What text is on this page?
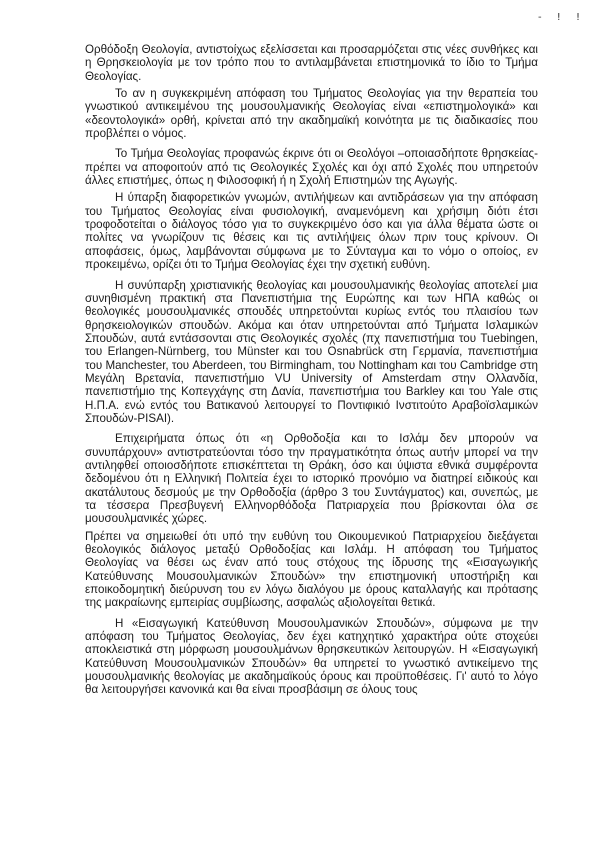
- ! !

Ορθόδοξη Θεολογία, αντιστοίχως εξελίσσεται και προσαρμόζεται στις νέες συνθήκες και η Θρησκειολογία με τον τρόπο που το αντιλαμβάνεται επιστημονικά το ίδιο το Τμήμα Θεολογίας.

Το αν η συγκεκριμένη απόφαση του Τμήματος Θεολογίας για την θεραπεία του γνωστικού αντικειμένου της μουσουλμανικής Θεολογίας είναι «επιστημολογικά» και «δεοντολογικά» ορθή, κρίνεται από την ακαδημαϊκή κοινότητα με τις διαδικασίες που προβλέπει ο νόμος.

Το Τμήμα Θεολογίας προφανώς έκρινε ότι οι Θεολόγοι –οποιασδήποτε θρησκείας- πρέπει να αποφοιτούν από τις Θεολογικές Σχολές και όχι από Σχολές που υπηρετούν άλλες επιστήμες, όπως η Φιλοσοφική ή η Σχολή Επιστημών της Αγωγής.

Η ύπαρξη διαφορετικών γνωμών, αντιλήψεων και αντιδράσεων για την απόφαση του Τμήματος Θεολογίας είναι φυσιολογική, αναμενόμενη και χρήσιμη διότι έτσι τροφοδοτείται ο διάλογος τόσο για το συγκεκριμένο όσο και για άλλα θέματα ώστε οι πολίτες να γνωρίζουν τις θέσεις και τις αντιλήψεις όλων πριν τους κρίνουν. Οι αποφάσεις, όμως, λαμβάνονται σύμφωνα με το Σύνταγμα και το νόμο ο οποίος, εν προκειμένω, ορίζει ότι το Τμήμα Θεολογίας έχει την σχετική ευθύνη.

Η συνύπαρξη χριστιανικής θεολογίας και μουσουλμανικής θεολογίας αποτελεί μια συνηθισμένη πρακτική στα Πανεπιστήμια της Ευρώπης και των ΗΠΑ καθώς οι θεολογικές μουσουλμανικές σπουδές υπηρετούνται κυρίως εντός του πλαισίου των θρησκειολογικών σπουδών. Ακόμα και όταν υπηρετούνται από Τμήματα Ισλαμικών Σπουδών, αυτά εντάσσονται στις Θεολογικές σχολές (πχ πανεπιστήμια του Tuebingen, του Erlangen-Nürnberg, του Münster και του Osnabrück στη Γερμανία, πανεπιστήμια του Manchester, του Aberdeen, του Birmingham, του Nottingham και του Cambridge στη Μεγάλη Βρετανία, πανεπιστήμιο VU University of Amsterdam στην Ολλανδία, πανεπιστήμιο της Κοπεγχάγης στη Δανία, πανεπιστήμια του Barkley και του Yale στις Η.Π.Α. ενώ εντός του Βατικανού λειτουργεί το Ποντιφικιό Ινστιτούτο Αραβοϊσλαμικών Σπουδών-PISAI).

Επιχειρήματα όπως ότι «η Ορθοδοξία και το Ισλάμ δεν μπορούν να συνυπάρχουν» αντιστρατεύονται τόσο την πραγματικότητα όπως αυτήν μπορεί να την αντιληφθεί οποιοσδήποτε επισκέπτεται τη Θράκη, όσο και ύψιστα εθνικά συμφέροντα δεδομένου ότι η Ελληνική Πολιτεία έχει το ιστορικό προνόμιο να διατηρεί ειδικούς και ακατάλυτους δεσμούς με την Ορθοδοξία (άρθρο 3 του Συντάγματος) και, συνεπώς, με τα τέσσερα Πρεσβυγενή Ελληνορθόδοξα Πατριαρχεία που βρίσκονται όλα σε μουσουλμανικές χώρες.

Πρέπει να σημειωθεί ότι υπό την ευθύνη του Οικουμενικού Πατριαρχείου διεξάγεται θεολογικός διάλογος μεταξύ Ορθοδοξίας και Ισλάμ. Η απόφαση του Τμήματος Θεολογίας να θέσει ως έναν από τους στόχους της ίδρυσης της «Εισαγωγικής Κατεύθυνσης Μουσουλμανικών Σπουδών» την επιστημονική υποστήριξη και εποικοδομητική διεύρυνση του εν λόγω διαλόγου με όρους καταλλαγής και πρότασης της μακραίωνης εμπειρίας συμβίωσης, ασφαλώς αξιολογείται θετικά.

Η «Εισαγωγική Κατεύθυνση Μουσουλμανικών Σπουδών», σύμφωνα με την απόφαση του Τμήματος Θεολογίας, δεν έχει κατηχητικό χαρακτήρα ούτε στοχεύει αποκλειστικά στη μόρφωση μουσουλμάνων θρησκευτικών λειτουργών. Η «Εισαγωγική Κατεύθυνση Μουσουλμανικών Σπουδών» θα υπηρετεί το γνωστικό αντικείμενο της μουσουλμανικής θεολογίας με ακαδημαϊκούς όρους και προϋποθέσεις. Γι' αυτό το λόγο θα λειτουργήσει κανονικά και θα είναι προσβάσιμη σε όλους τους
